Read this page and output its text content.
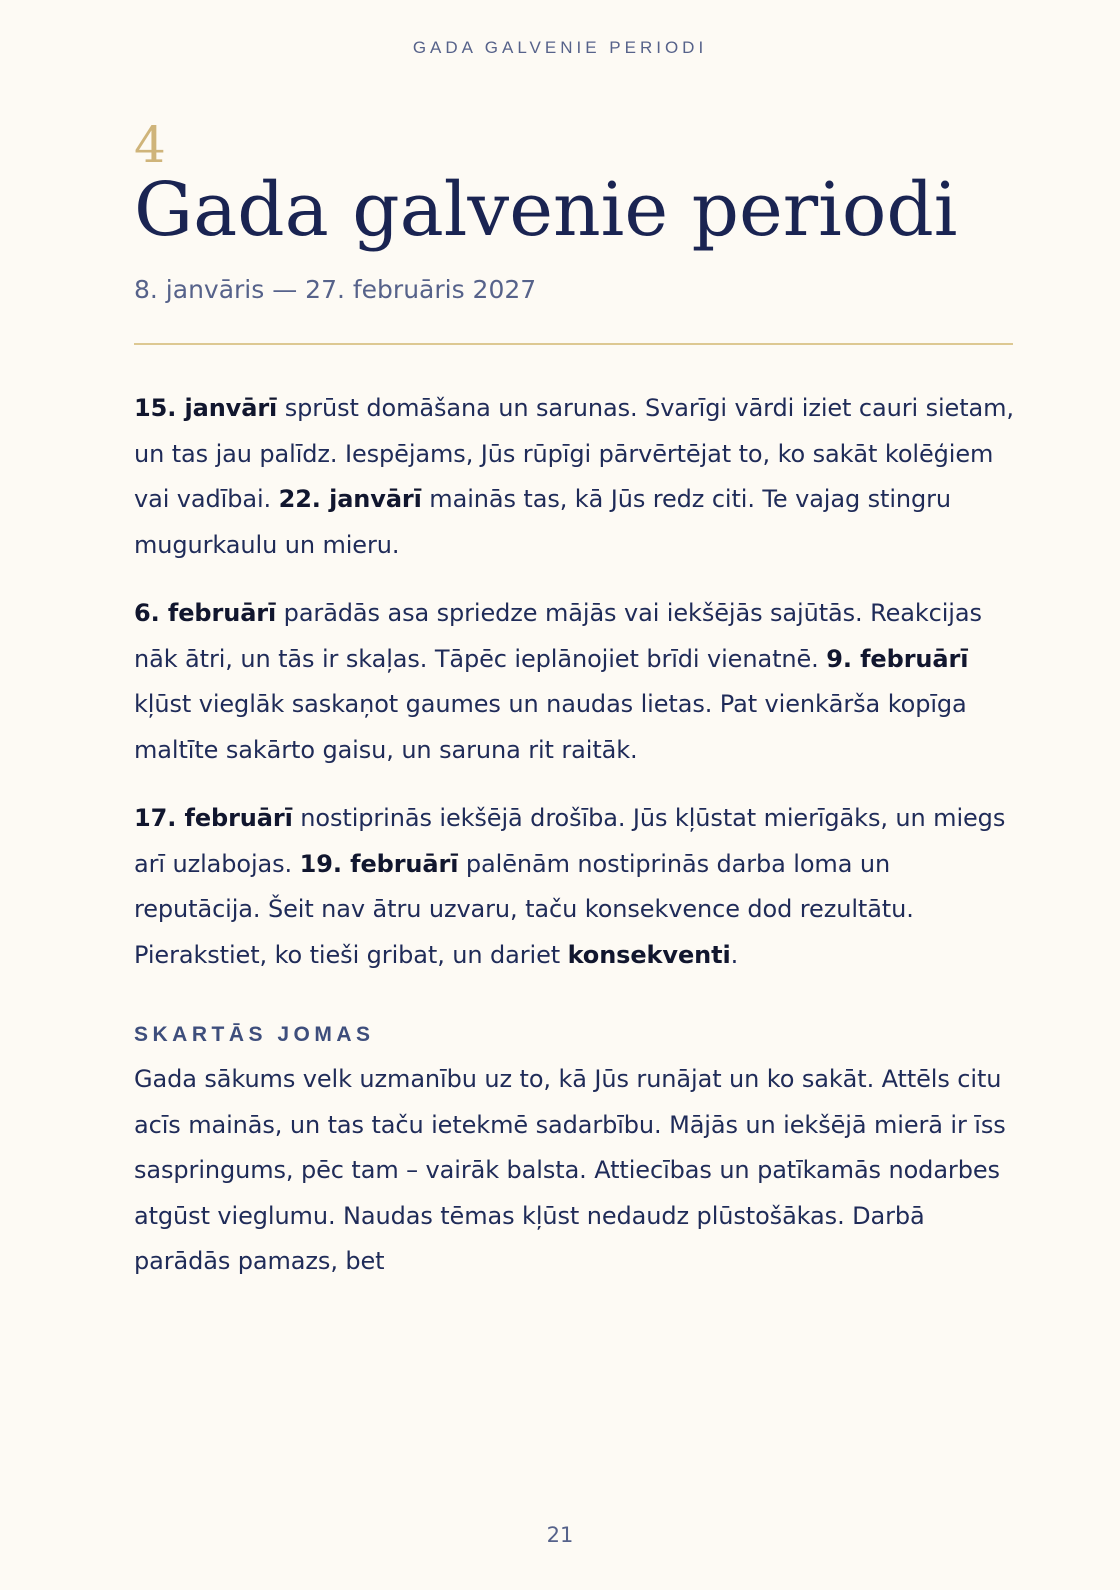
GADA GALVENIE PERIODI
4
Gada galvenie periodi
8. janvāris — 27. februāris 2027

15. janvārī sprūst domāšana un sarunas. Svarīgi vārdi iziet cauri sietam, un tas jau palīdz. Iespējams, Jūs rūpīgi pārvērtējat to, ko sakāt kolēģiem vai vadībai. 22. janvārī mainās tas, kā Jūs redz citi. Te vajag stingru mugurkaulu un mieru.

6. februārī parādās asa spriedze mājās vai iekšējās sajūtās. Reakcijas nāk ātri, un tās ir skaļas. Tāpēc ieplānojiet brīdi vienatnē. 9. februārī kļūst vieglāk saskaņot gaumes un naudas lietas. Pat vienkārša kopīga maltīte sakārto gaisu, un saruna rit raitāk.

17. februārī nostiprinās iekšējā drošība. Jūs kļūstat mierīgāks, un miegs arī uzlabojas. 19. februārī palēnām nostiprinās darba loma un reputācija. Šeit nav ātru uzvaru, taču konsekvence dod rezultātu. Pierakstiet, ko tieši gribat, un dariet konsekventi.

SKARTĀS JOMAS

Gada sākums velk uzmanību uz to, kā Jūs runājat un ko sakāt. Attēls citu acīs mainās, un tas taču ietekmē sadarbību. Mājās un iekšējā mierā ir īss saspringums, pēc tam – vairāk balsta. Attiecības un patīkamās nodarbes atgūst vieglumu. Naudas tēmas kļūst nedaudz plūstošākas. Darbā parādās pamazs, bet

21
